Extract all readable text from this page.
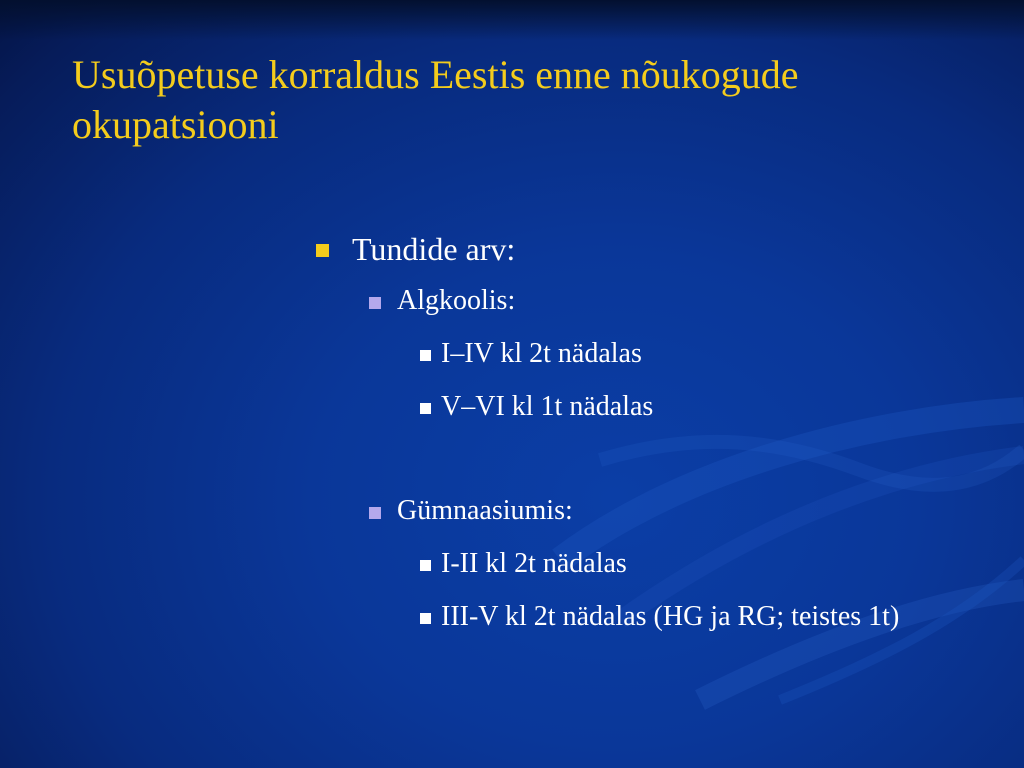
Usuõpetuse korraldus Eestis enne nõukogude okupatsiooni
Tundide arv:
Algkoolis:
I–IV kl 2t nädalas
V–VI kl 1t nädalas
Gümnaasiumis:
I-II kl 2t nädalas
III-V kl 2t nädalas (HG ja RG; teistes 1t)
